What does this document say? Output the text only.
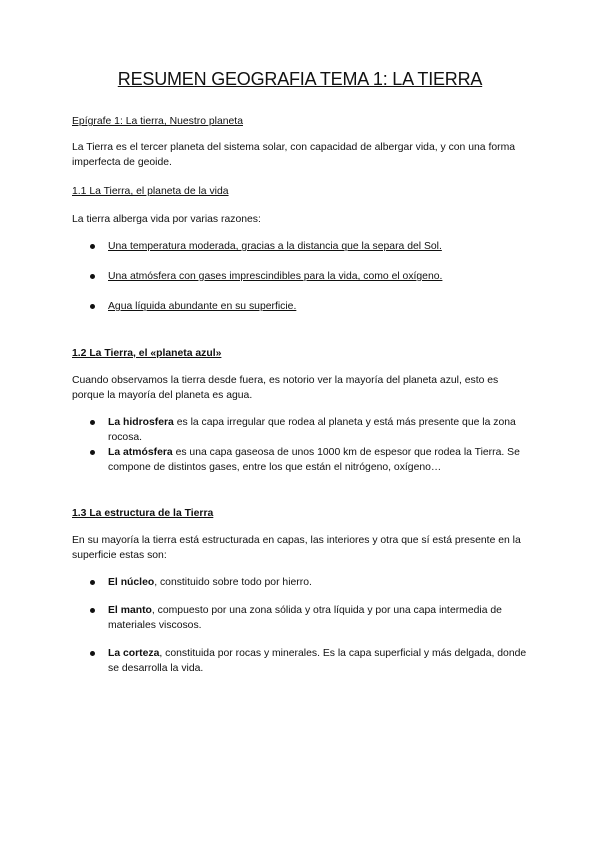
RESUMEN GEOGRAFIA TEMA 1: LA TIERRA

Epígrafe 1: La tierra, Nuestro planeta

La Tierra es el tercer planeta del sistema solar, con capacidad de albergar vida, y con una forma imperfecta de geoide.

1.1 La Tierra, el planeta de la vida

La tierra alberga vida por varias razones:

Una temperatura moderada, gracias a la distancia que la separa del Sol.
Una atmósfera con gases imprescindibles para la vida, como el oxígeno.
Agua líquida abundante en su superficie.

1.2 La Tierra, el «planeta azul»

Cuando observamos la tierra desde fuera, es notorio ver la mayoría del planeta azul, esto es porque la mayoría del planeta es agua.

La hidrosfera es la capa irregular que rodea al planeta y está más presente que la zona rocosa.
La atmósfera es una capa gaseosa de unos 1000 km de espesor que rodea la Tierra. Se compone de distintos gases, entre los que están el nitrógeno, oxígeno…

1.3 La estructura de la Tierra

En su mayoría la tierra está estructurada en capas, las interiores y otra que sí está presente en la superficie estas son:

El núcleo, constituido sobre todo por hierro.
El manto, compuesto por una zona sólida y otra líquida y por una capa intermedia de materiales viscosos.
La corteza, constituida por rocas y minerales. Es la capa superficial y más delgada, donde se desarrolla la vida.
